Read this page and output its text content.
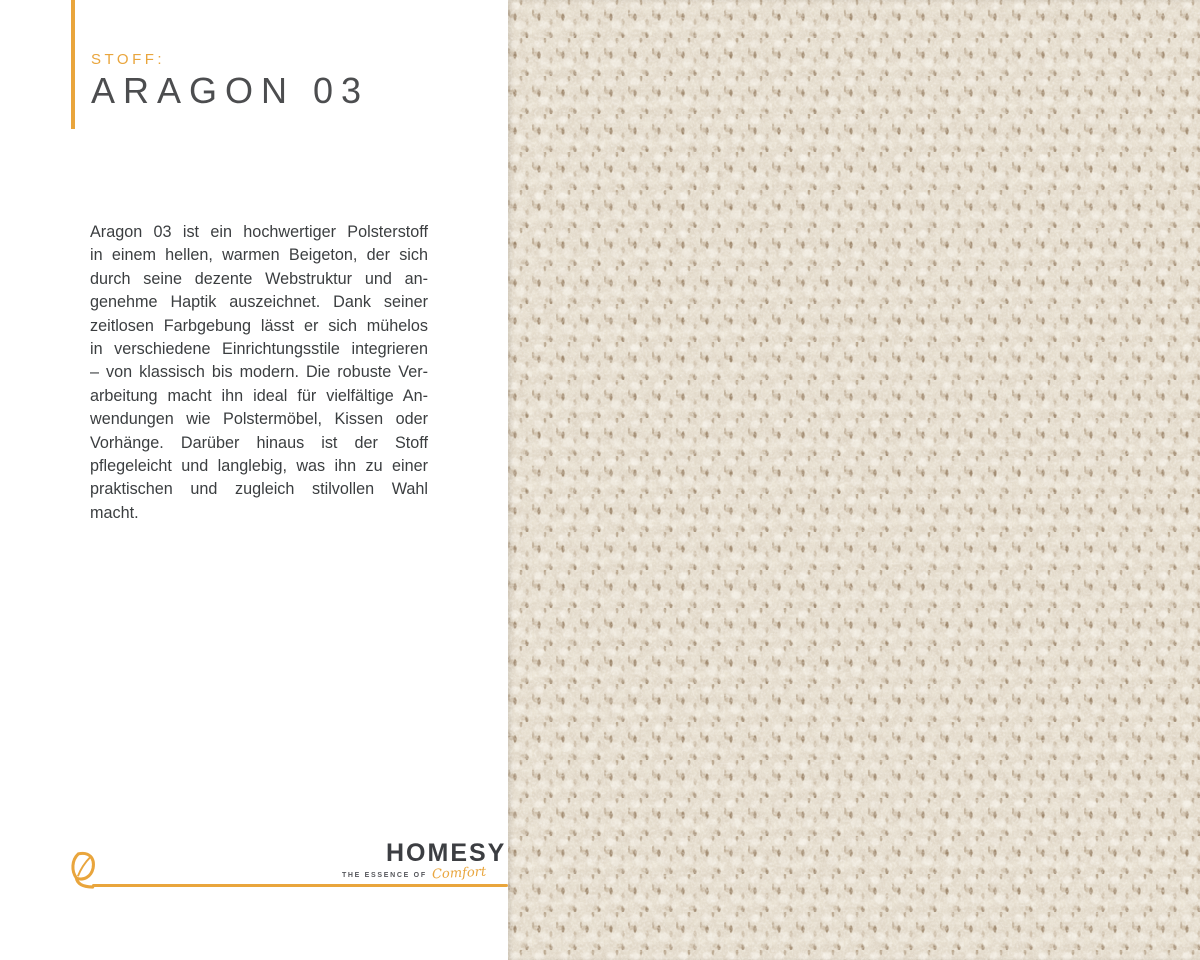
STOFF:
ARAGON 03
Aragon 03 ist ein hochwertiger Polsterstoff
in einem hellen, warmen Beigeton, der sich
durch seine dezente Webstruktur und an-
genehme Haptik auszeichnet. Dank seiner
zeitlosen Farbgebung lässt er sich mühelos
in verschiedene Einrichtungsstile integrieren
– von klassisch bis modern. Die robuste Ver-
arbeitung macht ihn ideal für vielfältige An-
wendungen wie Polstermöbel, Kissen oder
Vorhänge. Darüber hinaus ist der Stoff
pflegeleicht und langlebig, was ihn zu einer
praktischen und zugleich stilvollen Wahl
macht.
HOMESY
THE ESSENCE OF Comfort
